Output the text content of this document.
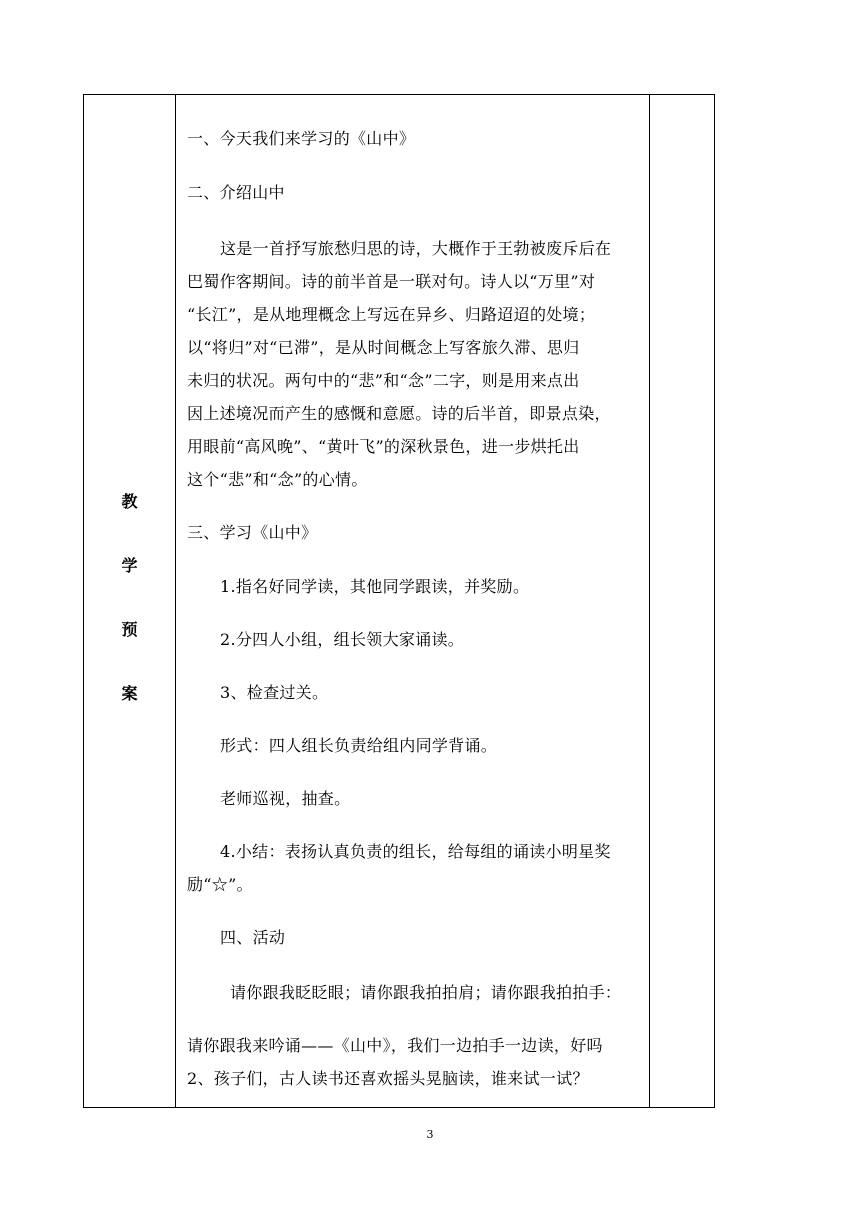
教
学
预
案
一、今天我们来学习的《山中》
二、介绍山中
这是一首抒写旅愁归思的诗，大概作于王勃被废斥后在
巴蜀作客期间。诗的前半首是一联对句。诗人以“万里”对
“长江”，是从地理概念上写远在异乡、归路迢迢的处境；
以“将归”对“已滞”，是从时间概念上写客旅久滞、思归
未归的状况。两句中的“悲”和“念”二字，则是用来点出
因上述境况而产生的感慨和意愿。诗的后半首，即景点染，
用眼前“高风晚”、“黄叶飞”的深秋景色，进一步烘托出
这个“悲”和“念”的心情。
三、学习《山中》
1.指名好同学读，其他同学跟读，并奖励。
2.分四人小组，组长领大家诵读。
3、检查过关。
形式：四人组长负责给组内同学背诵。
老师巡视，抽查。
4.小结：表扬认真负责的组长，给每组的诵读小明星奖
励“☆”。
四、活动
请你跟我眨眨眼；请你跟我拍拍肩；请你跟我拍拍手：
请你跟我来吟诵——《山中》，我们一边拍手一边读，好吗
2、孩子们，古人读书还喜欢摇头晃脑读，谁来试一试？
3
